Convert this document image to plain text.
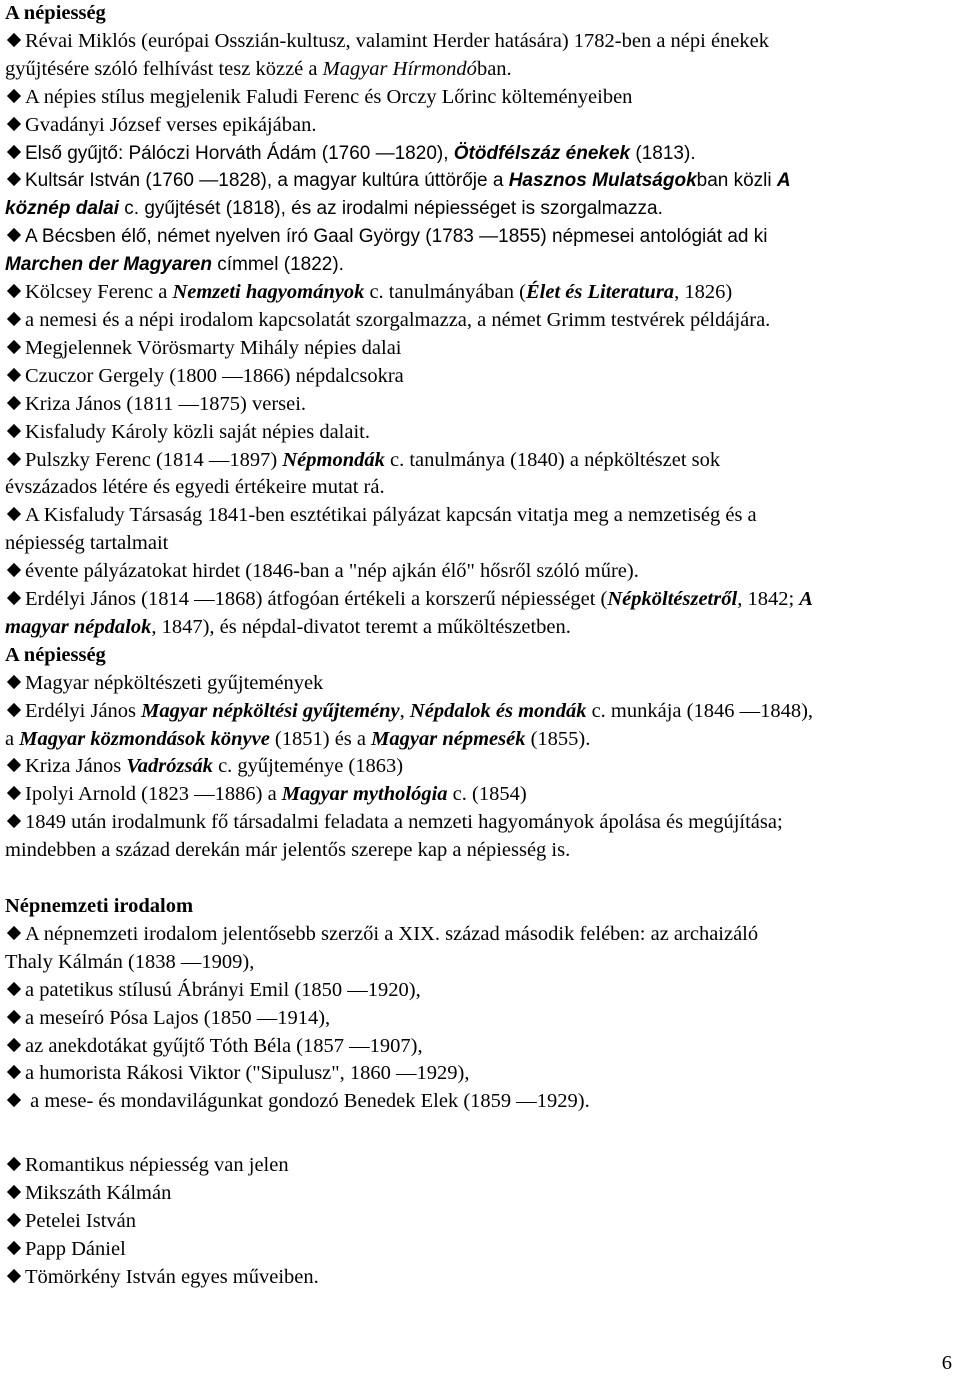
A népiesség
Révai Miklós (európai Osszián-kultusz, valamint Herder hatására) 1782-ben a népi énekek
gyűjtésére szóló felhívást tesz közzé a Magyar Hírmondóban.
A népies stílus megjelenik Faludi Ferenc és Orczy Lőrinc költeményeiben
Gvadányi József verses epikájában.
Első gyűjtő: Pálóczi Horváth Ádám (1760 —1820), Ötödfélszáz énekek (1813).
Kultsár István (1760 —1828), a magyar kultúra úttörője a Hasznos Mulatságokban közli A
köznép dalai c. gyűjtését (1818), és az irodalmi népiességet is szorgalmazza.
A Bécsben élő, német nyelven író Gaal György (1783 —1855) népmesei antológiát ad ki
Marchen der Magyaren címmel (1822).
Kölcsey Ferenc a Nemzeti hagyományok c. tanulmányában (Élet és Literatura, 1826)
a nemesi és a népi irodalom kapcsolatát szorgalmazza, a német Grimm testvérek példájára.
Megjelennek Vörösmarty Mihály népies dalai
Czuczor Gergely (1800 —1866) népdalcsokra
Kriza János (1811 —1875) versei.
Kisfaludy Károly közli saját népies dalait.
Pulszky Ferenc (1814 —1897) Népmondák c. tanulmánya (1840) a népköltészet sok
évszázados létére és egyedi értékeire mutat rá.
A Kisfaludy Társaság 1841-ben esztétikai pályázat kapcsán vitatja meg a nemzetiség és a
népiesség tartalmait
évente pályázatokat hirdet (1846-ban a "nép ajkán élő" hősről szóló műre).
Erdélyi János (1814 —1868) átfogóan értékeli a korszerű népiességet (Népköltészetről, 1842; A
magyar népdalok, 1847), és népdal-divatot teremt a műköltészetben.
A népiesség
Magyar népköltészeti gyűjtemények
Erdélyi János Magyar népköltési gyűjtemény, Népdalok és mondák c. munkája (1846 —1848),
a Magyar közmondások könyve (1851) és a Magyar népmesék (1855).
Kriza János Vadrózsák c. gyűjteménye (1863)
Ipolyi Arnold (1823 —1886) a Magyar mythológia c. (1854)
1849 után irodalmunk fő társadalmi feladata a nemzeti hagyományok ápolása és megújítása;
mindebben a század derekán már jelentős szerepe kap a népiesség is.
Népnemzeti irodalom
A népnemzeti irodalom jelentősebb szerzői a XIX. század második felében: az archaizáló
Thaly Kálmán (1838 —1909),
a patetikus stílusú Ábrányi Emil (1850 —1920),
a meseíró Pósa Lajos (1850 —1914),
az anekdotákat gyűjtő Tóth Béla (1857 —1907),
a humorista Rákosi Viktor ("Sipulusz", 1860 —1929),
a mese- és mondavilágunkat gondozó Benedek Elek (1859 —1929).
Romantikus népiesség van jelen
Mikszáth Kálmán
Petelei István
Papp Dániel
Tömörkény István egyes műveiben.
6
